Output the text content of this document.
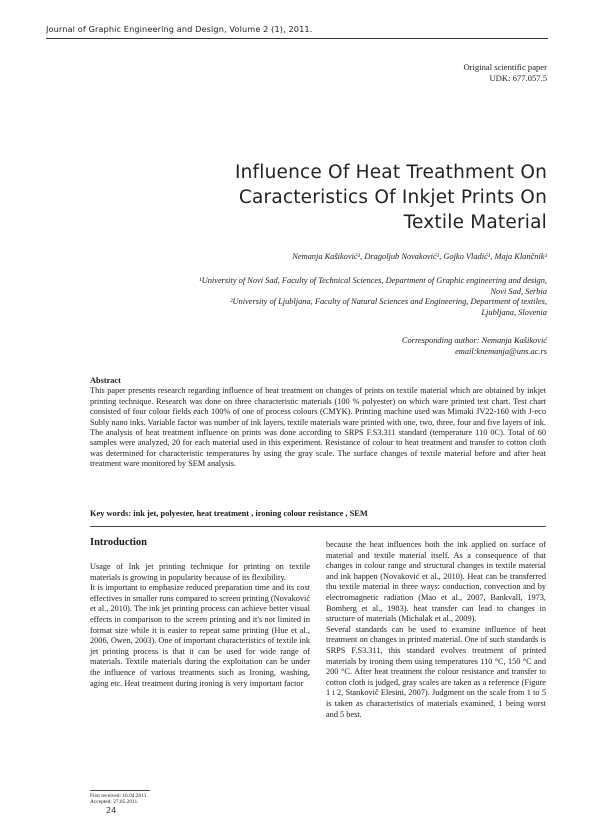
Journal of Graphic Engineering and Design, Volume 2 (1), 2011.
Original scientific paper
UDK: 677.057.5
Influence Of Heat Treathment On
Caracteristics Of Inkjet Prints On
Textile Material
Nemanja Kašiković¹, Dragoljub Novaković¹, Gojko Vladić¹, Maja Klančnik²
¹University of Novi Sad, Faculty of Technical Sciences, Department of Graphic engineering and design,
Novi Sad, Serbia
²University of Ljubljana, Faculty of Natural Sciences and Engineering, Department of textiles,
Ljubljana, Slovenia
Corresponding author: Nemanja Kašiković
email:knemanja@uns.ac.rs
Abstract
This paper presents research regarding influence of heat treatment on changes of prints on textile material which are obtained by inkjet printing technique. Research was done on three characteristic materials (100 % polyester) on which ware printed test chart. Test chart consisted of four colour fields each 100% of one of process colours (CMYK). Printing machine used was Mimaki JV22-160 with J-eco Subly nano inks. Variable factor was number of ink layers, textile materials ware printed with one, two, three, four and five layers of ink. The analysis of heat treatment influence on prints was done according to SRPS F.S3.311 standard (temperature 110 0C). Total of 60 samples were analyzed, 20 for each material used in this experiment. Resistance of colour to heat treatment and transfer to cotton cloth was determined for characteristic temperatures by using the gray scale. The surface changes of textile material before and after heat treatment ware monitored by SEM analysis.
Key words: ink jet, polyester, heat treatment , ironing colour resistance , SEM
Introduction

Usage of Ink jet printing technique for printing on textile materials is growing in popularity because of its flexibility.

It is important to emphasize reduced preparation time and its cost effectives in smaller runs compared to screen printing (Novaković et al., 2010). The ink jet printing process can achieve better visual effects in comparison to the screen printing and it's not limited in format size while it is easier to repeat same printing (Hue et al., 2006, Owen, 2003). One of important characteristics of textile ink jet printing process is that it can be used for wide range of materials. Textile materials during the exploitation can be under the influence of various treatments such as Ironing, washing, aging etc. Heat treatment during ironing is very important factor

because the heat influences both the ink applied on surface of material and textile material itself. As a consequence of that changes in colour range and structural changes in textile material and ink happen (Novaković et al., 2010). Heat can be transferred thu textile material in three ways: conduction, convection and by electromagnetic radiation (Mao et al., 2007, Bankvall, 1973, Bomberg et al., 1983). heat transfer can lead to changes in structure of materials (Michalak et al., 2009).

Several standards can be used to examine influence of heat treatment on changes in printed material. One of such standards is SRPS F.S3.311, this standard evolves treatment of printed materials by ironing them using temperatures 110 °C, 150 °C and 200 °C. After heat treatment the colour resistance and transfer to cotton cloth is judged, gray scales are taken as a reference (Figure 1 i 2, Stankovič Elesini, 2007). Judgment on the scale from 1 to 5 is taken as characteristics of materials examined, 1 being worst and 5 best.

First received: 16.04.2011.
Accepted: 27.05.2011.
24
